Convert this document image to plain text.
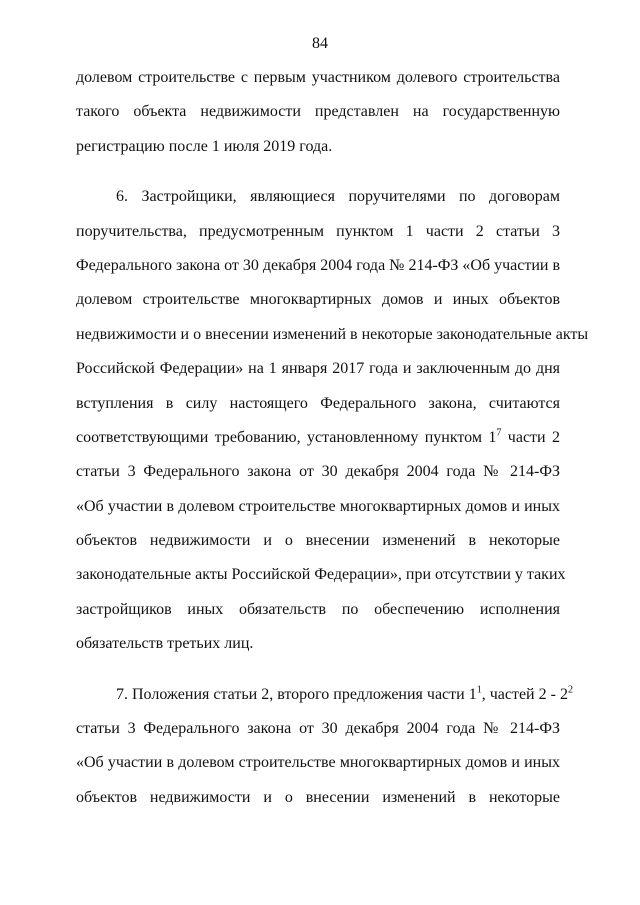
84
долевом строительстве с первым участником долевого строительства
такого объекта недвижимости представлен на государственную
регистрацию после 1 июля 2019 года.
6. Застройщики, являющиеся поручителями по договорам
поручительства, предусмотренным пунктом 1 части 2 статьи 3
Федерального закона от 30 декабря 2004 года № 214-ФЗ «Об участии в
долевом строительстве многоквартирных домов и иных объектов
недвижимости и о внесении изменений в некоторые законодательные акты
Российской Федерации» на 1 января 2017 года и заключенным до дня
вступления в силу настоящего Федерального закона, считаются
соответствующими требованию, установленному пунктом $1^7$ части 2
статьи 3 Федерального закона от 30 декабря 2004 года № 214-ФЗ
«Об участии в долевом строительстве многоквартирных домов и иных
объектов недвижимости и о внесении изменений в некоторые
законодательные акты Российской Федерации», при отсутствии у таких
застройщиков иных обязательств по обеспечению исполнения
обязательств третьих лиц.
7. Положения статьи 2, второго предложения части $1^1$, частей $2 - 2^2$
статьи 3 Федерального закона от 30 декабря 2004 года № 214-ФЗ
«Об участии в долевом строительстве многоквартирных домов и иных
объектов недвижимости и о внесении изменений в некоторые
